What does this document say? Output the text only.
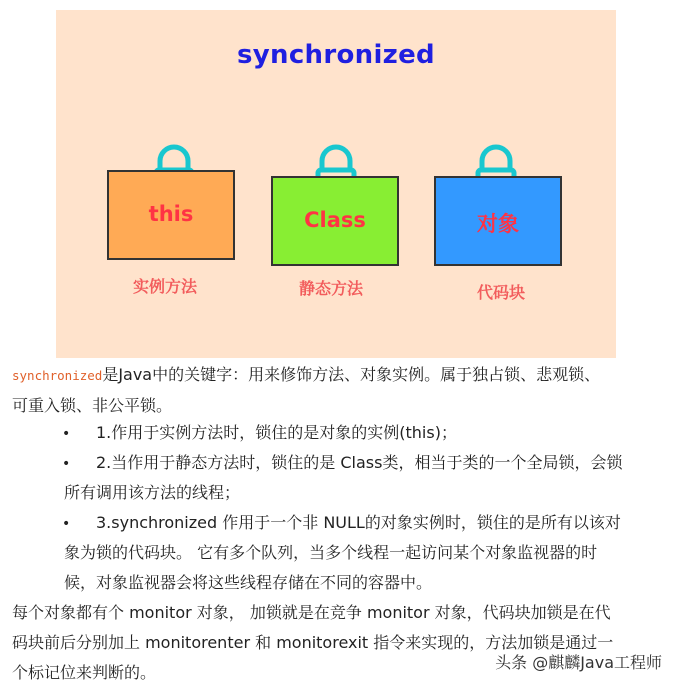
synchronized
this
实例方法
Class
静态方法
对象
代码块
synchronized是Java中的关键字：用来修饰方法、对象实例。属于独占锁、悲观锁、
可重入锁、非公平锁。
• 1.作用于实例方法时，锁住的是对象的实例(this)；
•	2.当作用于静态方法时，锁住的是 Class类，相当于类的一个全局锁，会锁
所有调用该方法的线程；
•	3.synchronized 作用于一个非 NULL的对象实例时，锁住的是所有以该对
象为锁的代码块。 它有多个队列，当多个线程一起访问某个对象监视器的时
候，对象监视器会将这些线程存储在不同的容器中。
每个对象都有个 monitor 对象， 加锁就是在竞争 monitor 对象，代码块加锁是在代
码块前后分别加上 monitorenter 和 monitorexit 指令来实现的，方法加锁是通过一
个标记位来判断的。
头条 @麒麟Java工程师
